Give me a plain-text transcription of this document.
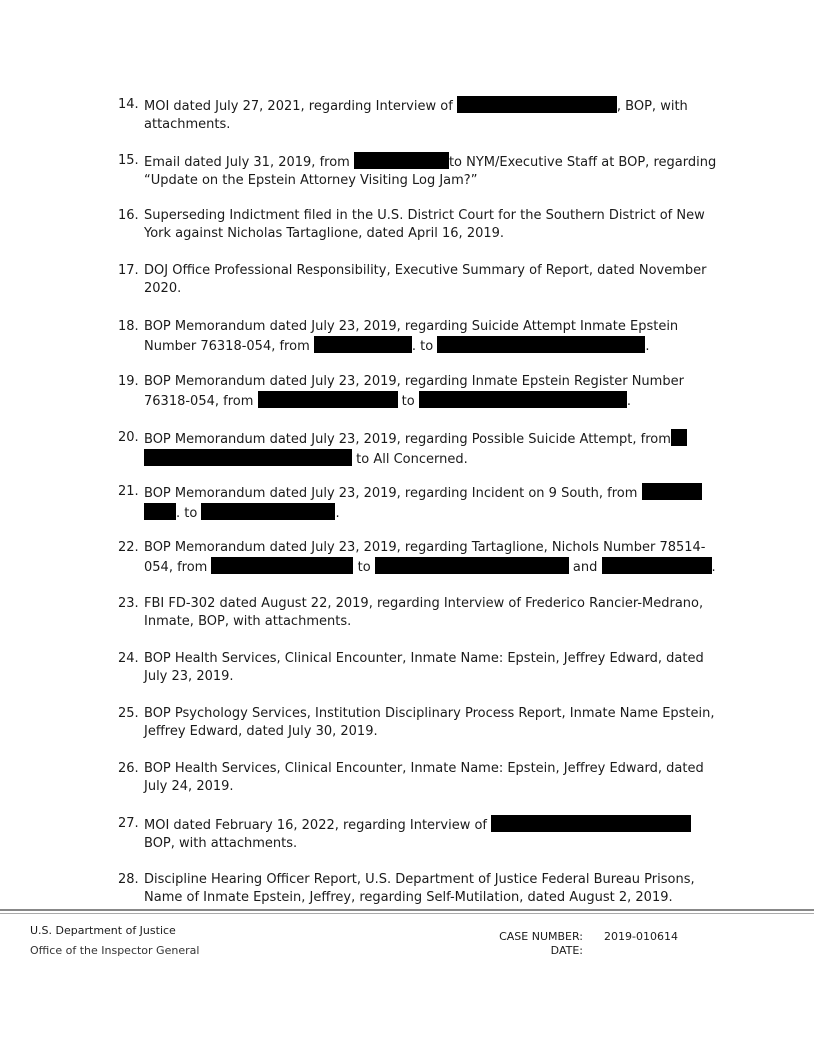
14. MOI dated July 27, 2021, regarding Interview of	, BOP, with attachments.
15. Email dated July 31, 2019, from	to NYM/Executive Staff at BOP, regarding “Update on the Epstein Attorney Visiting Log Jam?”
16. Superseding Indictment filed in the U.S. District Court for the Southern District of New York against Nicholas Tartaglione, dated April 16, 2019.
17. DOJ Office Professional Responsibility, Executive Summary of Report, dated November 2020.
18. BOP Memorandum dated July 23, 2019, regarding Suicide Attempt Inmate Epstein Number 76318-054, from	. to	.
19. BOP Memorandum dated July 23, 2019, regarding Inmate Epstein Register Number 76318-054, from	to	.
20. BOP Memorandum dated July 23, 2019, regarding Possible Suicide Attempt, from  to All Concerned.
21. BOP Memorandum dated July 23, 2019, regarding Incident on 9 South, from  . to	.
22. BOP Memorandum dated July 23, 2019, regarding Tartaglione, Nichols Number 78514-054, from	to	and	.
23. FBI FD-302 dated August 22, 2019, regarding Interview of Frederico Rancier-Medrano, Inmate, BOP, with attachments.
24. BOP Health Services, Clinical Encounter, Inmate Name: Epstein, Jeffrey Edward, dated July 23, 2019.
25. BOP Psychology Services, Institution Disciplinary Process Report, Inmate Name Epstein, Jeffrey Edward, dated July 30, 2019.
26. BOP Health Services, Clinical Encounter, Inmate Name: Epstein, Jeffrey Edward, dated July 24, 2019.
27. MOI dated February 16, 2022, regarding Interview of BOP, with attachments.
28. Discipline Hearing Officer Report, U.S. Department of Justice Federal Bureau Prisons, Name of Inmate Epstein, Jeffrey, regarding Self-Mutilation, dated August 2, 2019.
U.S. Department of Justice
Office of the Inspector General
CASE NUMBER: 2019-010614
DATE:
